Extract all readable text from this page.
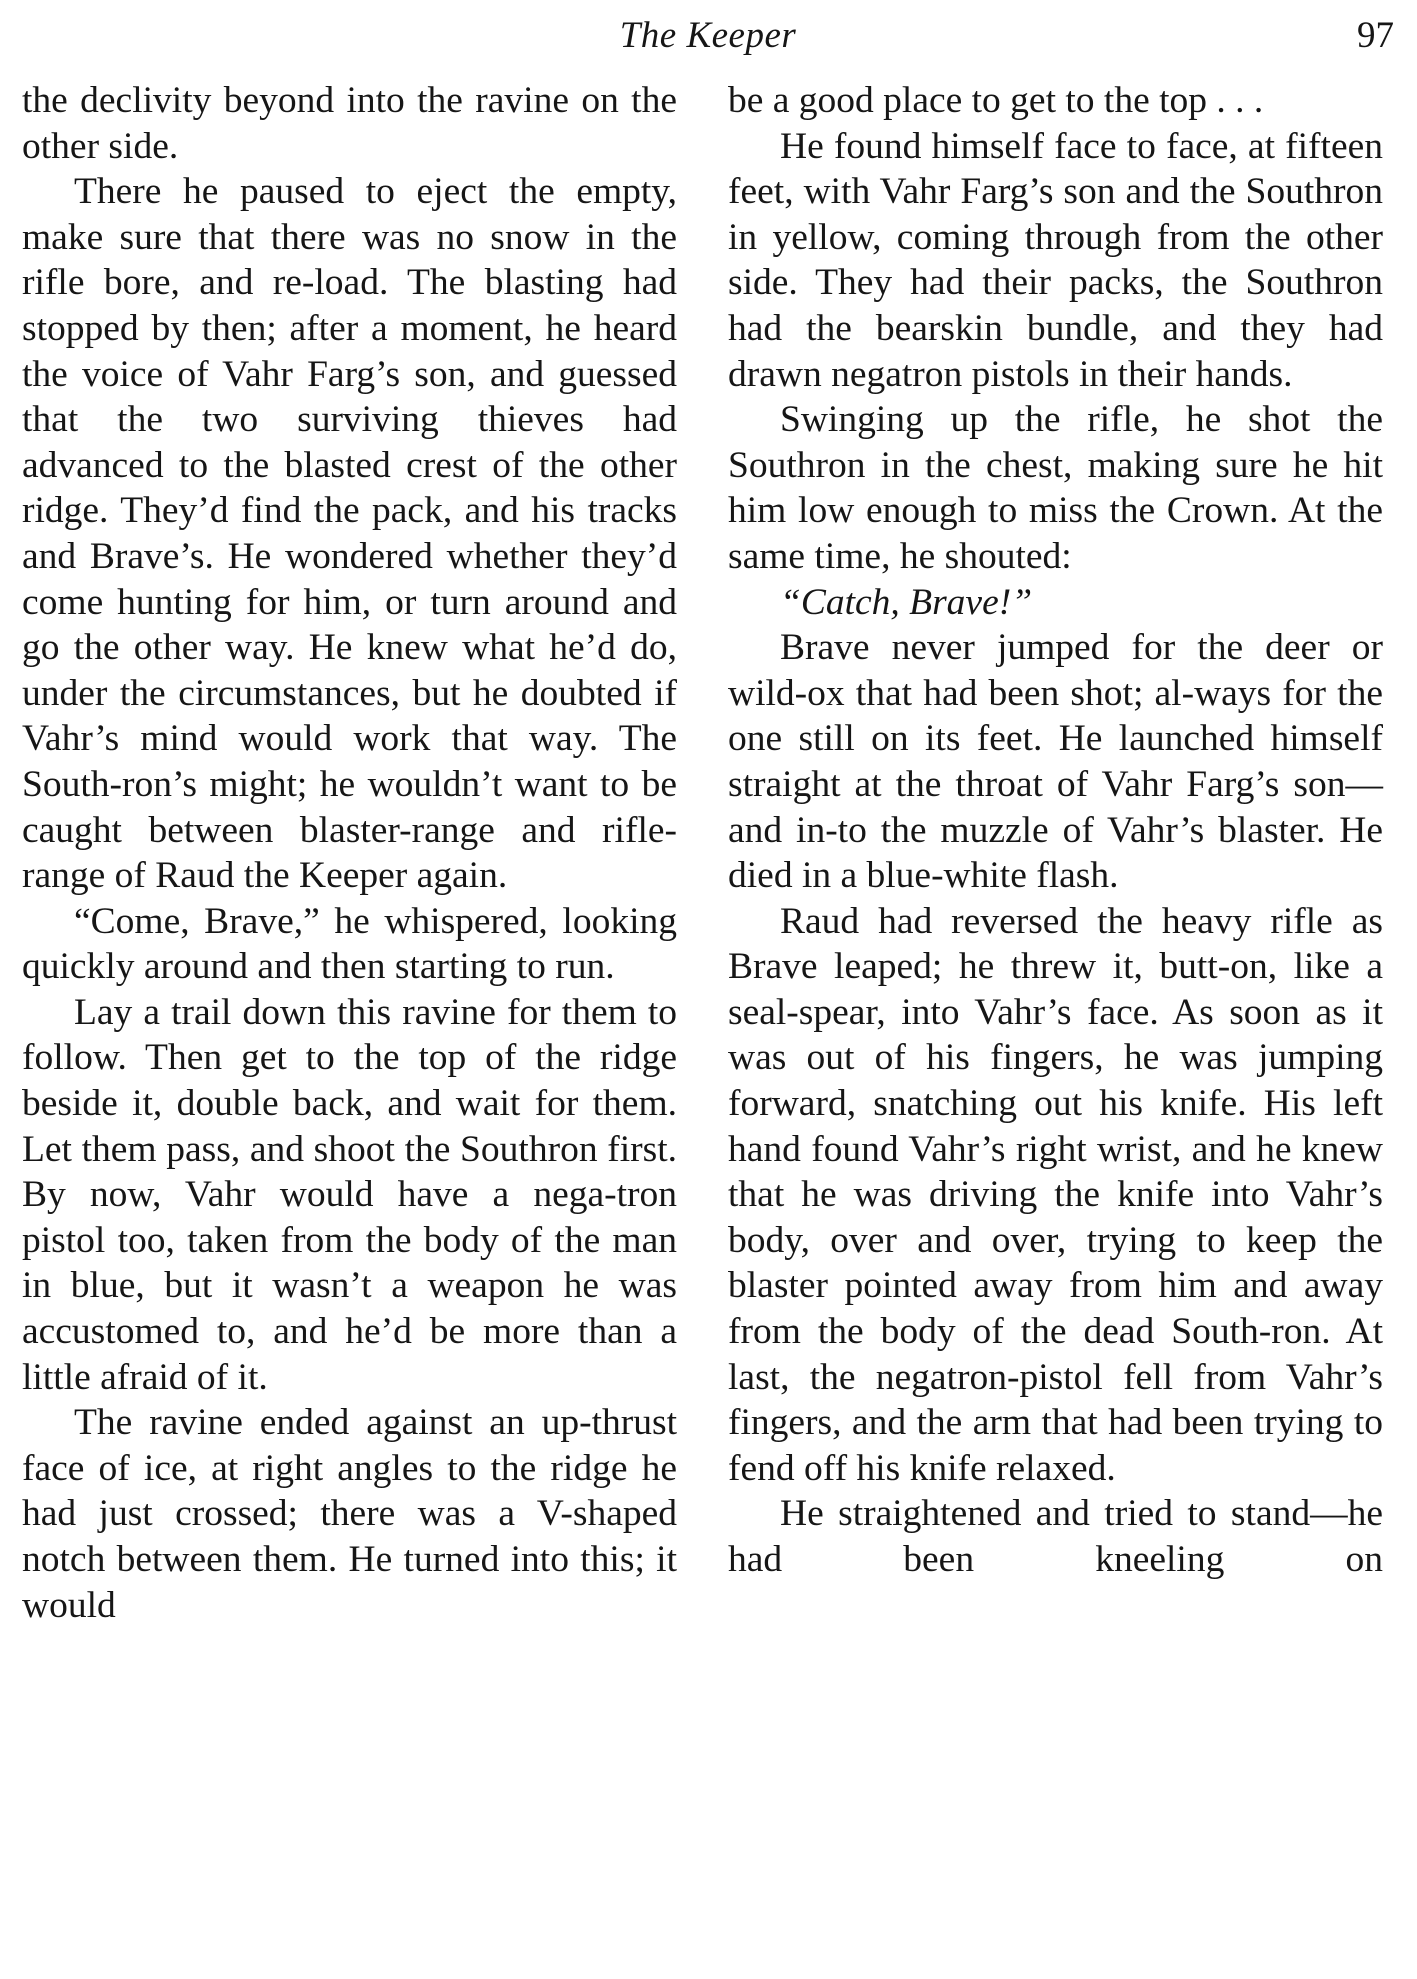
The Keeper	97

the declivity beyond into the ravine on the other side.

There he paused to eject the empty, make sure that there was no snow in the rifle bore, and re-load. The blasting had stopped by then; after a moment, he heard the voice of Vahr Farg’s son, and guessed that the two surviving thieves had advanced to the blasted crest of the other ridge. They’d find the pack, and his tracks and Brave’s. He wondered whether they’d come hunting for him, or turn around and go the other way. He knew what he’d do, under the circumstances, but he doubted if Vahr’s mind would work that way. The South-ron’s might; he wouldn’t want to be caught between blaster-range and rifle-range of Raud the Keeper again.

“Come, Brave,” he whispered, looking quickly around and then starting to run.

Lay a trail down this ravine for them to follow. Then get to the top of the ridge beside it, double back, and wait for them. Let them pass, and shoot the Southron first. By now, Vahr would have a nega-tron pistol too, taken from the body of the man in blue, but it wasn’t a weapon he was accustomed to, and he’d be more than a little afraid of it.

The ravine ended against an up-thrust face of ice, at right angles to the ridge he had just crossed; there was a V-shaped notch between them. He turned into this; it would

be a good place to get to the top . . .

He found himself face to face, at fifteen feet, with Vahr Farg’s son and the Southron in yellow, coming through from the other side. They had their packs, the Southron had the bearskin bundle, and they had drawn negatron pistols in their hands.

Swinging up the rifle, he shot the Southron in the chest, making sure he hit him low enough to miss the Crown. At the same time, he shouted:

“Catch, Brave!”

Brave never jumped for the deer or wild-ox that had been shot; al-ways for the one still on its feet. He launched himself straight at the throat of Vahr Farg’s son—and in-to the muzzle of Vahr’s blaster. He died in a blue-white flash.

Raud had reversed the heavy rifle as Brave leaped; he threw it, butt-on, like a seal-spear, into Vahr’s face. As soon as it was out of his fingers, he was jumping forward, snatching out his knife. His left hand found Vahr’s right wrist, and he knew that he was driving the knife into Vahr’s body, over and over, trying to keep the blaster pointed away from him and away from the body of the dead South-ron. At last, the negatron-pistol fell from Vahr’s fingers, and the arm that had been trying to fend off his knife relaxed.

He straightened and tried to stand—he had been kneeling on
